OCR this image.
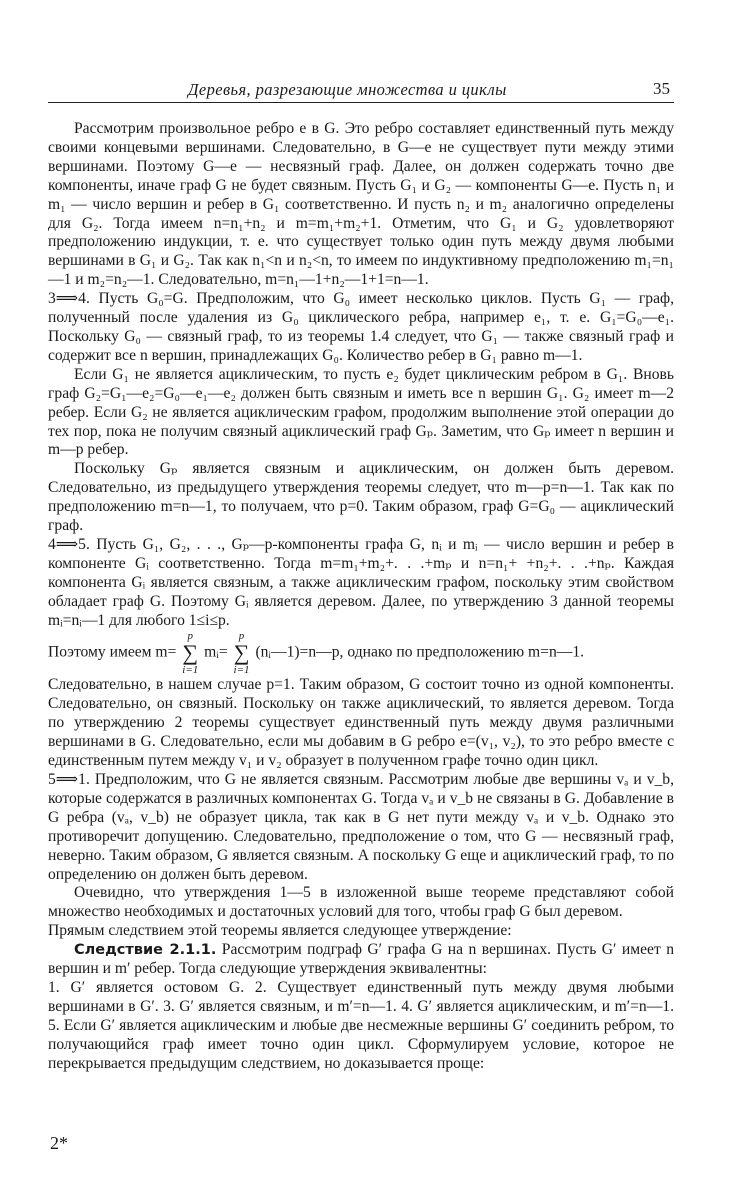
Деревья, разрезающие множества и циклы	35

Рассмотрим произвольное ребро e в G. Это ребро составляет единственный путь между своими концевыми вершинами. Следовательно, в G—e не существует пути между этими вершинами. Поэтому G—e — несвязный граф. Далее, он должен содержать точно две компоненты, иначе граф G не будет связным. Пусть G₁ и G₂ — компоненты G—e. Пусть n₁ и m₁ — число вершин и ребер в G₁ соответственно. И пусть n₂ и m₂ аналогично определены для G₂. Тогда имеем n=n₁+n₂ и m=m₁+m₂+1. Отметим, что G₁ и G₂ удовлетворяют предположению индукции, т. е. что существует только один путь между двумя любыми вершинами в G₁ и G₂. Так как n₁<n и n₂<n, то имеем по индуктивному предположению m₁=n₁—1 и m₂=n₂—1. Следовательно, m=n₁—1+n₂—1+1=n—1.

3⟹4. Пусть G₀=G. Предположим, что G₀ имеет несколько циклов. Пусть G₁ — граф, полученный после удаления из G₀ циклического ребра, например e₁, т. е. G₁=G₀—e₁. Поскольку G₀ — связный граф, то из теоремы 1.4 следует, что G₁ — также связный граф и содержит все n вершин, принадлежащих G₀. Количество ребер в G₁ равно m—1.

Если G₁ не является ациклическим, то пусть e₂ будет циклическим ребром в G₁. Вновь граф G₂=G₁—e₂=G₀—e₁—e₂ должен быть связным и иметь все n вершин G₁. G₂ имеет m—2 ребер. Если G₂ не является ациклическим графом, продолжим выполнение этой операции до тех пор, пока не получим связный ациклический граф Gₚ. Заметим, что Gₚ имеет n вершин и m—p ребер.

Поскольку Gₚ является связным и ациклическим, он должен быть деревом. Следовательно, из предыдущего утверждения теоремы следует, что m—p=n—1. Так как по предположению m=n—1, то получаем, что p=0. Таким образом, граф G=G₀ — ациклический граф.

4⟹5. Пусть G₁, G₂, . . ., Gₚ—p-компоненты графа G, nᵢ и mᵢ — число вершин и ребер в компоненте Gᵢ соответственно. Тогда m=m₁+m₂+. . .+mₚ и n=n₁+ +n₂+. . .+nₚ. Каждая компонента Gᵢ является связным, а также ациклическим графом, поскольку этим свойством обладает граф G. Поэтому Gᵢ является деревом. Далее, по утверждению 3 данной теоремы mᵢ=nᵢ—1 для любого 1≤i≤p.

Поэтому имеем m=
p
∑
i=1
mᵢ=
p
∑
i=1
(nᵢ—1)=n—p, однако по предположению m=n—1.

Следовательно, в нашем случае p=1. Таким образом, G состоит точно из одной компоненты. Следовательно, он связный. Поскольку он также ациклический, то является деревом. Тогда по утверждению 2 теоремы существует единственный путь между двумя различными вершинами в G. Следовательно, если мы добавим в G ребро e=(v₁, v₂), то это ребро вместе с единственным путем между v₁ и v₂ образует в полученном графе точно один цикл.

5⟹1. Предположим, что G не является связным. Рассмотрим любые две вершины vₐ и v_b, которые содержатся в различных компонентах G. Тогда vₐ и v_b не связаны в G. Добавление в G ребра (vₐ, v_b) не образует цикла, так как в G нет пути между vₐ и v_b. Однако это противоречит допущению. Следовательно, предположение о том, что G — несвязный граф, неверно. Таким образом, G является связным. А поскольку G еще и ациклический граф, то по определению он должен быть деревом.

Очевидно, что утверждения 1—5 в изложенной выше теореме представляют собой множество необходимых и достаточных условий для того, чтобы граф G был деревом.

Прямым следствием этой теоремы является следующее утверждение:

Следствие 2.1.1. Рассмотрим подграф G′ графа G на n вершинах. Пусть G′ имеет n вершин и m′ ребер. Тогда следующие утверждения эквивалентны:

1. G′ является остовом G. 2. Существует единственный путь между двумя любыми вершинами в G′. 3. G′ является связным, и m′=n—1. 4. G′ является ациклическим, и m′=n—1. 5. Если G′ является ациклическим и любые две несмежные вершины G′ соединить ребром, то получающийся граф имеет точно один цикл. Сформулируем условие, которое не перекрывается предыдущим следствием, но доказывается проще:

2*
